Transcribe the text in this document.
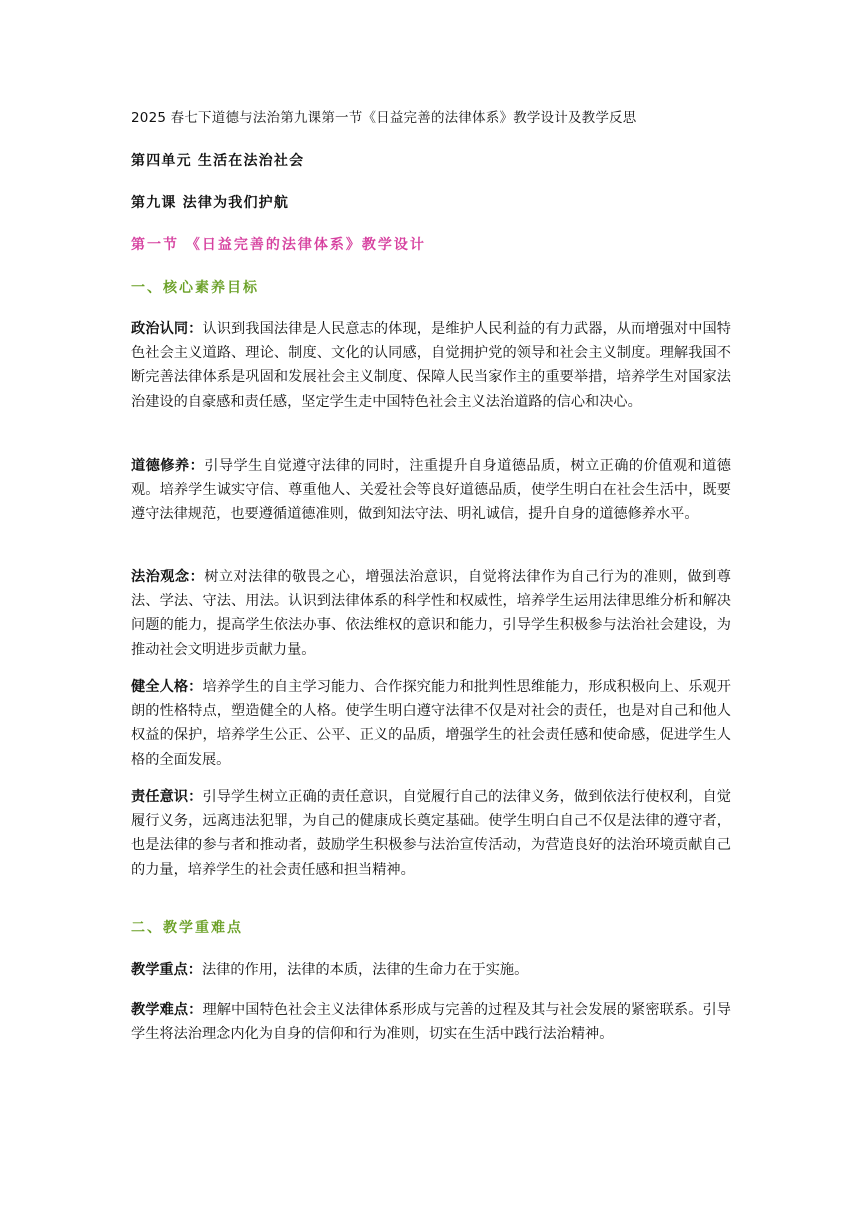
2025 春七下道德与法治第九课第一节《日益完善的法律体系》教学设计及教学反思
第四单元 生活在法治社会
第九课 法律为我们护航
第一节 《日益完善的法律体系》教学设计
一、核心素养目标
政治认同：认识到我国法律是人民意志的体现，是维护人民利益的有力武器，从而增强对中国特色社会主义道路、理论、制度、文化的认同感，自觉拥护党的领导和社会主义制度。理解我国不断完善法律体系是巩固和发展社会主义制度、保障人民当家作主的重要举措，培养学生对国家法治建设的自豪感和责任感，坚定学生走中国特色社会主义法治道路的信心和决心。
道德修养：引导学生自觉遵守法律的同时，注重提升自身道德品质，树立正确的价值观和道德观。培养学生诚实守信、尊重他人、关爱社会等良好道德品质，使学生明白在社会生活中，既要遵守法律规范，也要遵循道德准则，做到知法守法、明礼诚信，提升自身的道德修养水平。
法治观念：树立对法律的敬畏之心，增强法治意识，自觉将法律作为自己行为的准则，做到尊法、学法、守法、用法。认识到法律体系的科学性和权威性，培养学生运用法律思维分析和解决问题的能力，提高学生依法办事、依法维权的意识和能力，引导学生积极参与法治社会建设，为推动社会文明进步贡献力量。
健全人格：培养学生的自主学习能力、合作探究能力和批判性思维能力，形成积极向上、乐观开朗的性格特点，塑造健全的人格。使学生明白遵守法律不仅是对社会的责任，也是对自己和他人权益的保护，培养学生公正、公平、正义的品质，增强学生的社会责任感和使命感，促进学生人格的全面发展。
责任意识：引导学生树立正确的责任意识，自觉履行自己的法律义务，做到依法行使权利，自觉履行义务，远离违法犯罪，为自己的健康成长奠定基础。使学生明白自己不仅是法律的遵守者，也是法律的参与者和推动者，鼓励学生积极参与法治宣传活动，为营造良好的法治环境贡献自己的力量，培养学生的社会责任感和担当精神。
二、教学重难点
教学重点：法律的作用，法律的本质，法律的生命力在于实施。
教学难点：理解中国特色社会主义法律体系形成与完善的过程及其与社会发展的紧密联系。引导学生将法治理念内化为自身的信仰和行为准则，切实在生活中践行法治精神。
